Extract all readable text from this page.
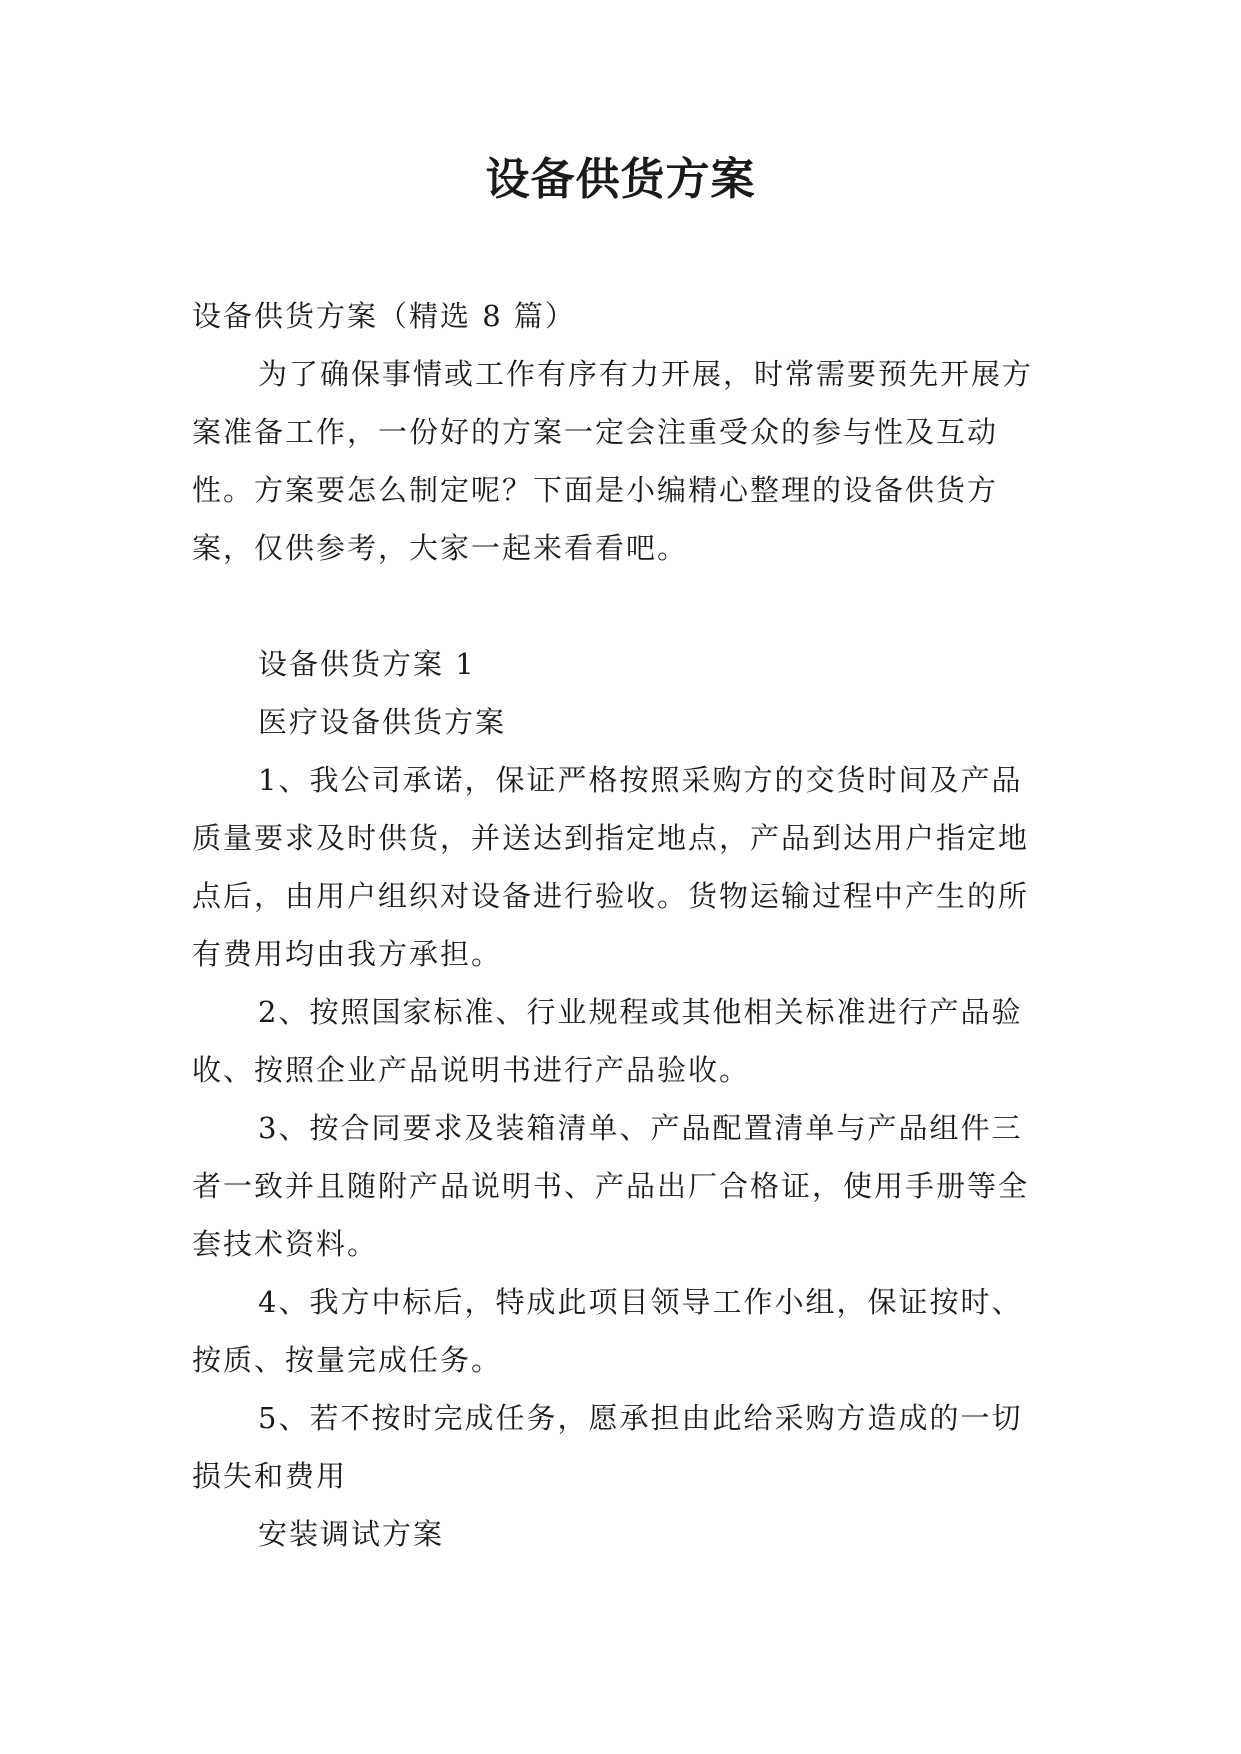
设备供货方案

设备供货方案（精选 8 篇）

为了确保事情或工作有序有力开展，时常需要预先开展方案准备工作，一份好的方案一定会注重受众的参与性及互动性。方案要怎么制定呢？下面是小编精心整理的设备供货方案，仅供参考，大家一起来看看吧。

设备供货方案 1

医疗设备供货方案

1、我公司承诺，保证严格按照采购方的交货时间及产品质量要求及时供货，并送达到指定地点，产品到达用户指定地点后，由用户组织对设备进行验收。货物运输过程中产生的所有费用均由我方承担。

2、按照国家标准、行业规程或其他相关标准进行产品验收、按照企业产品说明书进行产品验收。

3、按合同要求及装箱清单、产品配置清单与产品组件三者一致并且随附产品说明书、产品出厂合格证，使用手册等全套技术资料。

4、我方中标后，特成此项目领导工作小组，保证按时、按质、按量完成任务。

5、若不按时完成任务，愿承担由此给采购方造成的一切损失和费用

安装调试方案
